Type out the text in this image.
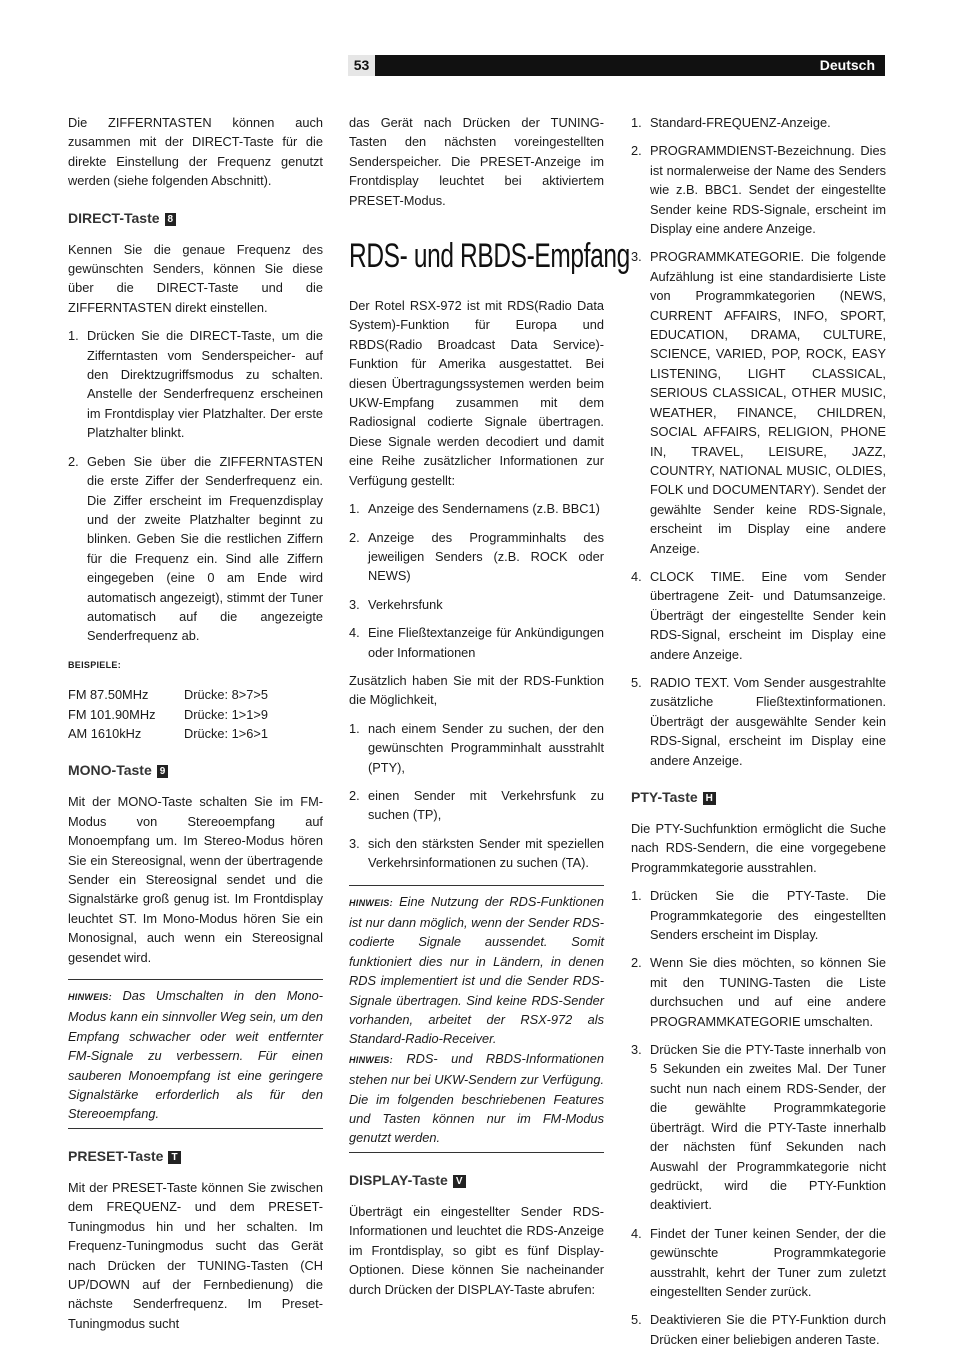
53	Deutsch

Die ZIFFERNTASTEN können auch zusammen mit der DIRECT-Taste für die direkte Einstellung der Frequenz genutzt werden (siehe folgenden Abschnitt).

DIRECT-Taste 8

Kennen Sie die genaue Frequenz des gewünschten Senders, können Sie diese über die DIRECT-Taste und die ZIFFERNTASTEN direkt einstellen.

1. Drücken Sie die DIRECT-Taste, um die Zifferntasten vom Senderspeicher- auf den Direktzugriffsmodus zu schalten. Anstelle der Senderfrequenz erscheinen im Frontdisplay vier Platzhalter. Der erste Platzhalter blinkt.
2. Geben Sie über die ZIFFERNTASTEN die erste Ziffer der Senderfrequenz ein. Die Ziffer erscheint im Frequenzdisplay und der zweite Platzhalter beginnt zu blinken. Geben Sie die restlichen Ziffern für die Frequenz ein. Sind alle Ziffern eingegeben (eine 0 am Ende wird automatisch angezeigt), stimmt der Tuner automatisch auf die angezeigte Senderfrequenz ab.
BEISPIELE:
FM 87.50MHz	Drücke: 8>7>5
FM 101.90MHz	Drücke: 1>1>9
AM 1610kHz	Drücke: 1>6>1
MONO-Taste 9

Mit der MONO-Taste schalten Sie im FM-Modus von Stereoempfang auf Monoempfang um. Im Stereo-Modus hören Sie ein Stereosignal, wenn der übertragende Sender ein Stereosignal sendet und die Signalstärke groß genug ist. Im Frontdisplay leuchtet ST. Im Mono-Modus hören Sie ein Monosignal, auch wenn ein Stereosignal gesendet wird.

HINWEIS: Das Umschalten in den Mono-Modus kann ein sinnvoller Weg sein, um den Empfang schwacher oder weit entfernter FM-Signale zu verbessern. Für einen sauberen Monoempfang ist eine geringere Signalstärke erforderlich als für den Stereoempfang.

PRESET-Taste T

Mit der PRESET-Taste können Sie zwischen dem FREQUENZ- und dem PRESET-Tuningmodus hin und her schalten. Im Frequenz-Tuningmodus sucht das Gerät nach Drücken der TUNING-Tasten (CH UP/DOWN auf der Fernbedienung) die nächste Senderfrequenz. Im Preset-Tuningmodus sucht

das Gerät nach Drücken der TUNING-Tasten den nächsten voreingestellten Senderspeicher. Die PRESET-Anzeige im Frontdisplay leuchtet bei aktiviertem PRESET-Modus.

RDS- und RBDS-Empfang

Der Rotel RSX-972 ist mit RDS(Radio Data System)-Funktion für Europa und RBDS(Radio Broadcast Data Service)-Funktion für Amerika ausgestattet. Bei diesen Übertragungssystemen werden beim UKW-Empfang zusammen mit dem Radiosignal codierte Signale übertragen. Diese Signale werden decodiert und damit eine Reihe zusätzlicher Informationen zur Verfügung gestellt:

1. Anzeige des Sendernamens (z.B. BBC1)
2. Anzeige des Programminhalts des jeweiligen Senders (z.B. ROCK oder NEWS)
3. Verkehrsfunk
4. Eine Fließtextanzeige für Ankündigungen oder Informationen

Zusätzlich haben Sie mit der RDS-Funktion die Möglichkeit,

1. nach einem Sender zu suchen, der den gewünschten Programminhalt ausstrahlt (PTY),
2. einen Sender mit Verkehrsfunk zu suchen (TP),
3. sich den stärksten Sender mit speziellen Verkehrsinformationen zu suchen (TA).

HINWEIS: Eine Nutzung der RDS-Funktionen ist nur dann möglich, wenn der Sender RDS-codierte Signale aussendet. Somit funktioniert dies nur in Ländern, in denen RDS implementiert ist und die Sender RDS-Signale übertragen. Sind keine RDS-Sender vorhanden, arbeitet der RSX-972 als Standard-Radio-Receiver.

HINWEIS: RDS- und RBDS-Informationen stehen nur bei UKW-Sendern zur Verfügung. Die im folgenden beschriebenen Features und Tasten können nur im FM-Modus genutzt werden.

DISPLAY-Taste V

Überträgt ein eingestellter Sender RDS-Informationen und leuchtet die RDS-Anzeige im Frontdisplay, so gibt es fünf Display-Optionen. Diese können Sie nacheinander durch Drücken der DISPLAY-Taste abrufen:

1. Standard-FREQUENZ-Anzeige.
2. PROGRAMMDIENST-Bezeichnung. Dies ist normalerweise der Name des Senders wie z.B. BBC1. Sendet der eingestellte Sender keine RDS-Signale, erscheint im Display eine andere Anzeige.
3. PROGRAMMKATEGORIE. Die folgende Aufzählung ist eine standardisierte Liste von Programmkategorien (NEWS, CURRENT AFFAIRS, INFO, SPORT, EDUCATION, DRAMA, CULTURE, SCIENCE, VARIED, POP, ROCK, EASY LISTENING, LIGHT CLASSICAL, SERIOUS CLASSICAL, OTHER MUSIC, WEATHER, FINANCE, CHILDREN, SOCIAL AFFAIRS, RELIGION, PHONE IN, TRAVEL, LEISURE, JAZZ, COUNTRY, NATIONAL MUSIC, OLDIES, FOLK und DOCUMENTARY). Sendet der gewählte Sender keine RDS-Signale, erscheint im Display eine andere Anzeige.
4. CLOCK TIME. Eine vom Sender übertragene Zeit- und Datumsanzeige. Überträgt der eingestellte Sender kein RDS-Signal, erscheint im Display eine andere Anzeige.
5. RADIO TEXT. Vom Sender ausgestrahlte zusätzliche Fließtextinformationen. Überträgt der ausgewählte Sender kein RDS-Signal, erscheint im Display eine andere Anzeige.
PTY-Taste H

Die PTY-Suchfunktion ermöglicht die Suche nach RDS-Sendern, die eine vorgegebene Programmkategorie ausstrahlen.

1. Drücken Sie die PTY-Taste. Die Programmkategorie des eingestellten Senders erscheint im Display.
2. Wenn Sie dies möchten, so können Sie mit den TUNING-Tasten die Liste durchsuchen und auf eine andere PROGRAMMKATEGORIE umschalten.
3. Drücken Sie die PTY-Taste innerhalb von 5 Sekunden ein zweites Mal. Der Tuner sucht nun nach einem RDS-Sender, der die gewählte Programmkategorie überträgt. Wird die PTY-Taste innerhalb der nächsten fünf Sekunden nach Auswahl der Programmkategorie nicht gedrückt, wird die PTY-Funktion deaktiviert.
4. Findet der Tuner keinen Sender, der die gewünschte Programmkategorie ausstrahlt, kehrt der Tuner zum zuletzt eingestellten Sender zurück.
5. Deaktivieren Sie die PTY-Funktion durch Drücken einer beliebigen anderen Taste.
